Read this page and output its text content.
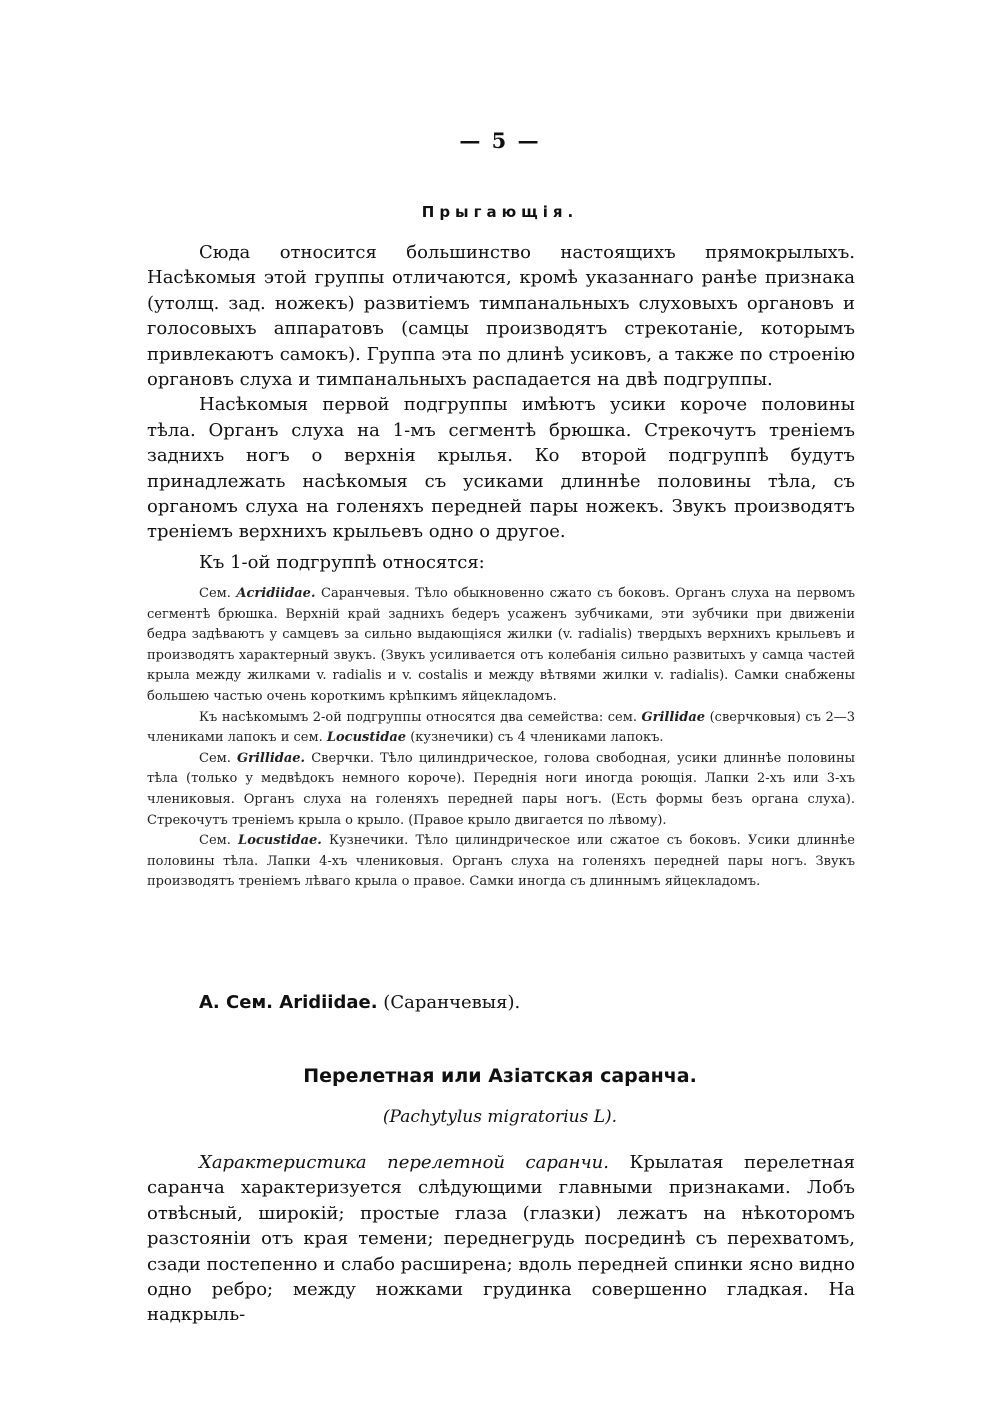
— 5 —
Прыгающія.

Сюда относится большинство настоящихъ прямокрылыхъ. Насѣкомыя этой группы отличаются, кромѣ указаннаго ранѣе признака (утолщ. зад. ножекъ) развитіемъ тимпанальныхъ слуховыхъ органовъ и голосовыхъ аппаратовъ (самцы производятъ стрекотаніе, которымъ привлекаютъ самокъ). Группа эта по длинѣ усиковъ, а также по строенію органовъ слуха и тимпанальныхъ распадается на двѣ подгруппы.

Насѣкомыя первой подгруппы имѣютъ усики короче половины тѣла. Органъ слуха на 1-мъ сегментѣ брюшка. Стрекочутъ треніемъ заднихъ ногъ о верхнія крылья. Ко второй подгруппѣ будутъ принадлежать насѣкомыя съ усиками длиннѣе половины тѣла, съ органомъ слуха на голеняхъ передней пары ножекъ. Звукъ производятъ треніемъ верхнихъ крыльевъ одно о другое.

Къ 1-ой подгруппѣ относятся:

Сем. Acridiidae. Саранчевыя. Тѣло обыкновенно сжато съ боковъ. Органъ слуха на первомъ сегментѣ брюшка. Верхній край заднихъ бедеръ усаженъ зубчиками, эти зубчики при движеніи бедра задѣваютъ у самцевъ за сильно выдающіяся жилки (v. radialis) твердыхъ верхнихъ крыльевъ и производятъ характерный звукъ. (Звукъ усиливается отъ колебанія сильно развитыхъ у самца частей крыла между жилками v. radialis и v. costalis и между вѣтвями жилки v. radialis). Самки снабжены большею частью очень короткимъ крѣпкимъ яйцекладомъ.

Къ насѣкомымъ 2-ой подгруппы относятся два семейства: сем. Grillidae (сверчковыя) съ 2—3 члениками лапокъ и сем. Locustidae (кузнечики) съ 4 члениками лапокъ.

Сем. Grillidae. Сверчки. Тѣло цилиндрическое, голова свободная, усики длиннѣе половины тѣла (только у медвѣдокъ немного короче). Переднія ноги иногда роющія. Лапки 2-хъ или 3-хъ члениковыя. Органъ слуха на голеняхъ передней пары ногъ. (Есть формы безъ органа слуха). Стрекочутъ треніемъ крыла о крыло. (Правое крыло двигается по лѣвому).

Сем. Locustidae. Кузнечики. Тѣло цилиндрическое или сжатое съ боковъ. Усики длиннѣе половины тѣла. Лапки 4-хъ члениковыя. Органъ слуха на голеняхъ передней пары ногъ. Звукъ производятъ треніемъ лѣваго крыла о правое. Самки иногда съ длиннымъ яйцекладомъ.

А. Сем. Aridiidae. (Саранчевыя).
Перелетная или Азіатская саранча.
(Pachytylus migratorius L).

Характеристика перелетной саранчи. Крылатая перелетная саранча характеризуется слѣдующими главными признаками. Лобъ отвѣсный, широкій; простые глаза (глазки) лежатъ на нѣкоторомъ разстояніи отъ края темени; переднегрудь посрединѣ съ перехватомъ, сзади постепенно и слабо расширена; вдоль передней спинки ясно видно одно ребро; между ножками грудинка совершенно гладкая. На надкрыль-
